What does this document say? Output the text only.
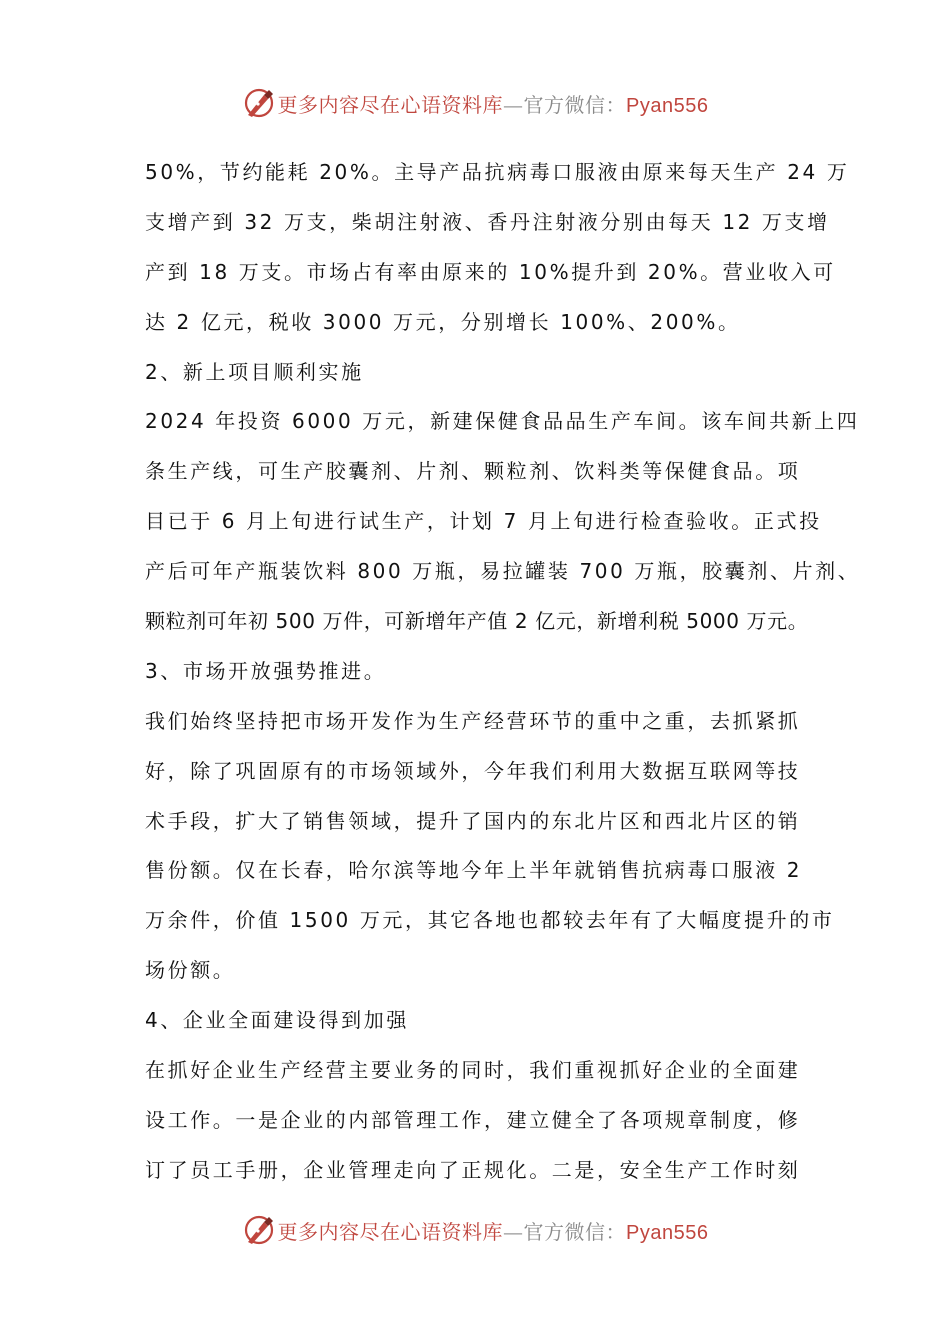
更多内容尽在心语资料库—官方微信：Pyan556
50%，节约能耗 20%。主导产品抗病毒口服液由原来每天生产 24 万
支增产到 32 万支，柴胡注射液、香丹注射液分别由每天 12 万支增
产到 18 万支。市场占有率由原来的 10%提升到 20%。营业收入可
达 2 亿元，税收 3000 万元，分别增长 100%、200%。
2、新上项目顺利实施
2024 年投资 6000 万元，新建保健食品品生产车间。该车间共新上四
条生产线，可生产胶囊剂、片剂、颗粒剂、饮料类等保健食品。项
目已于 6 月上旬进行试生产，计划 7 月上旬进行检查验收。正式投
产后可年产瓶装饮料 800 万瓶，易拉罐装 700 万瓶，胶囊剂、片剂、
颗粒剂可年初 500 万件，可新增年产值 2 亿元，新增利税 5000 万元。
3、市场开放强势推进。
我们始终坚持把市场开发作为生产经营环节的重中之重，去抓紧抓
好，除了巩固原有的市场领域外，今年我们利用大数据互联网等技
术手段，扩大了销售领域，提升了国内的东北片区和西北片区的销
售份额。仅在长春，哈尔滨等地今年上半年就销售抗病毒口服液 2
万余件，价值 1500 万元，其它各地也都较去年有了大幅度提升的市
场份额。
4、企业全面建设得到加强
在抓好企业生产经营主要业务的同时，我们重视抓好企业的全面建
设工作。一是企业的内部管理工作，建立健全了各项规章制度，修
订了员工手册，企业管理走向了正规化。二是，安全生产工作时刻
更多内容尽在心语资料库—官方微信：Pyan556
